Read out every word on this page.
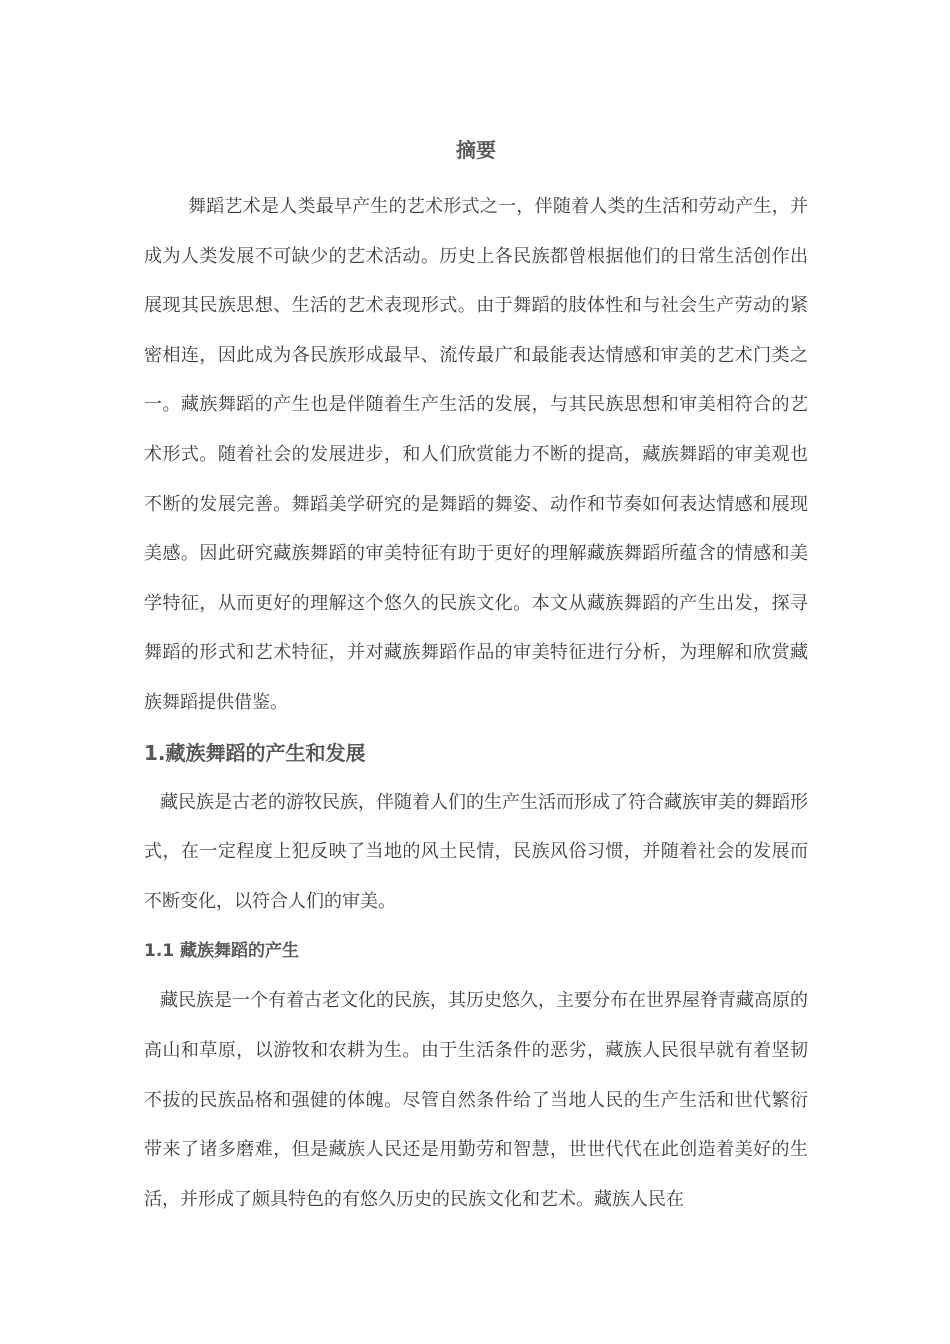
摘要

舞蹈艺术是人类最早产生的艺术形式之一，伴随着人类的生活和劳动产生，并成为人类发展不可缺少的艺术活动。历史上各民族都曾根据他们的日常生活创作出展现其民族思想、生活的艺术表现形式。由于舞蹈的肢体性和与社会生产劳动的紧密相连，因此成为各民族形成最早、流传最广和最能表达情感和审美的艺术门类之一。藏族舞蹈的产生也是伴随着生产生活的发展，与其民族思想和审美相符合的艺术形式。随着社会的发展进步，和人们欣赏能力不断的提高，藏族舞蹈的审美观也不断的发展完善。舞蹈美学研究的是舞蹈的舞姿、动作和节奏如何表达情感和展现美感。因此研究藏族舞蹈的审美特征有助于更好的理解藏族舞蹈所蕴含的情感和美学特征，从而更好的理解这个悠久的民族文化。本文从藏族舞蹈的产生出发，探寻舞蹈的形式和艺术特征，并对藏族舞蹈作品的审美特征进行分析，为理解和欣赏藏族舞蹈提供借鉴。

1.藏族舞蹈的产生和发展

藏民族是古老的游牧民族，伴随着人们的生产生活而形成了符合藏族审美的舞蹈形式，在一定程度上犯反映了当地的风土民情，民族风俗习惯，并随着社会的发展而不断变化，以符合人们的审美。

1.1 藏族舞蹈的产生

藏民族是一个有着古老文化的民族，其历史悠久，主要分布在世界屋脊青藏高原的高山和草原，以游牧和农耕为生。由于生活条件的恶劣，藏族人民很早就有着坚韧不拔的民族品格和强健的体魄。尽管自然条件给了当地人民的生产生活和世代繁衍带来了诸多磨难，但是藏族人民还是用勤劳和智慧，世世代代在此创造着美好的生活，并形成了颇具特色的有悠久历史的民族文化和艺术。藏族人民在
